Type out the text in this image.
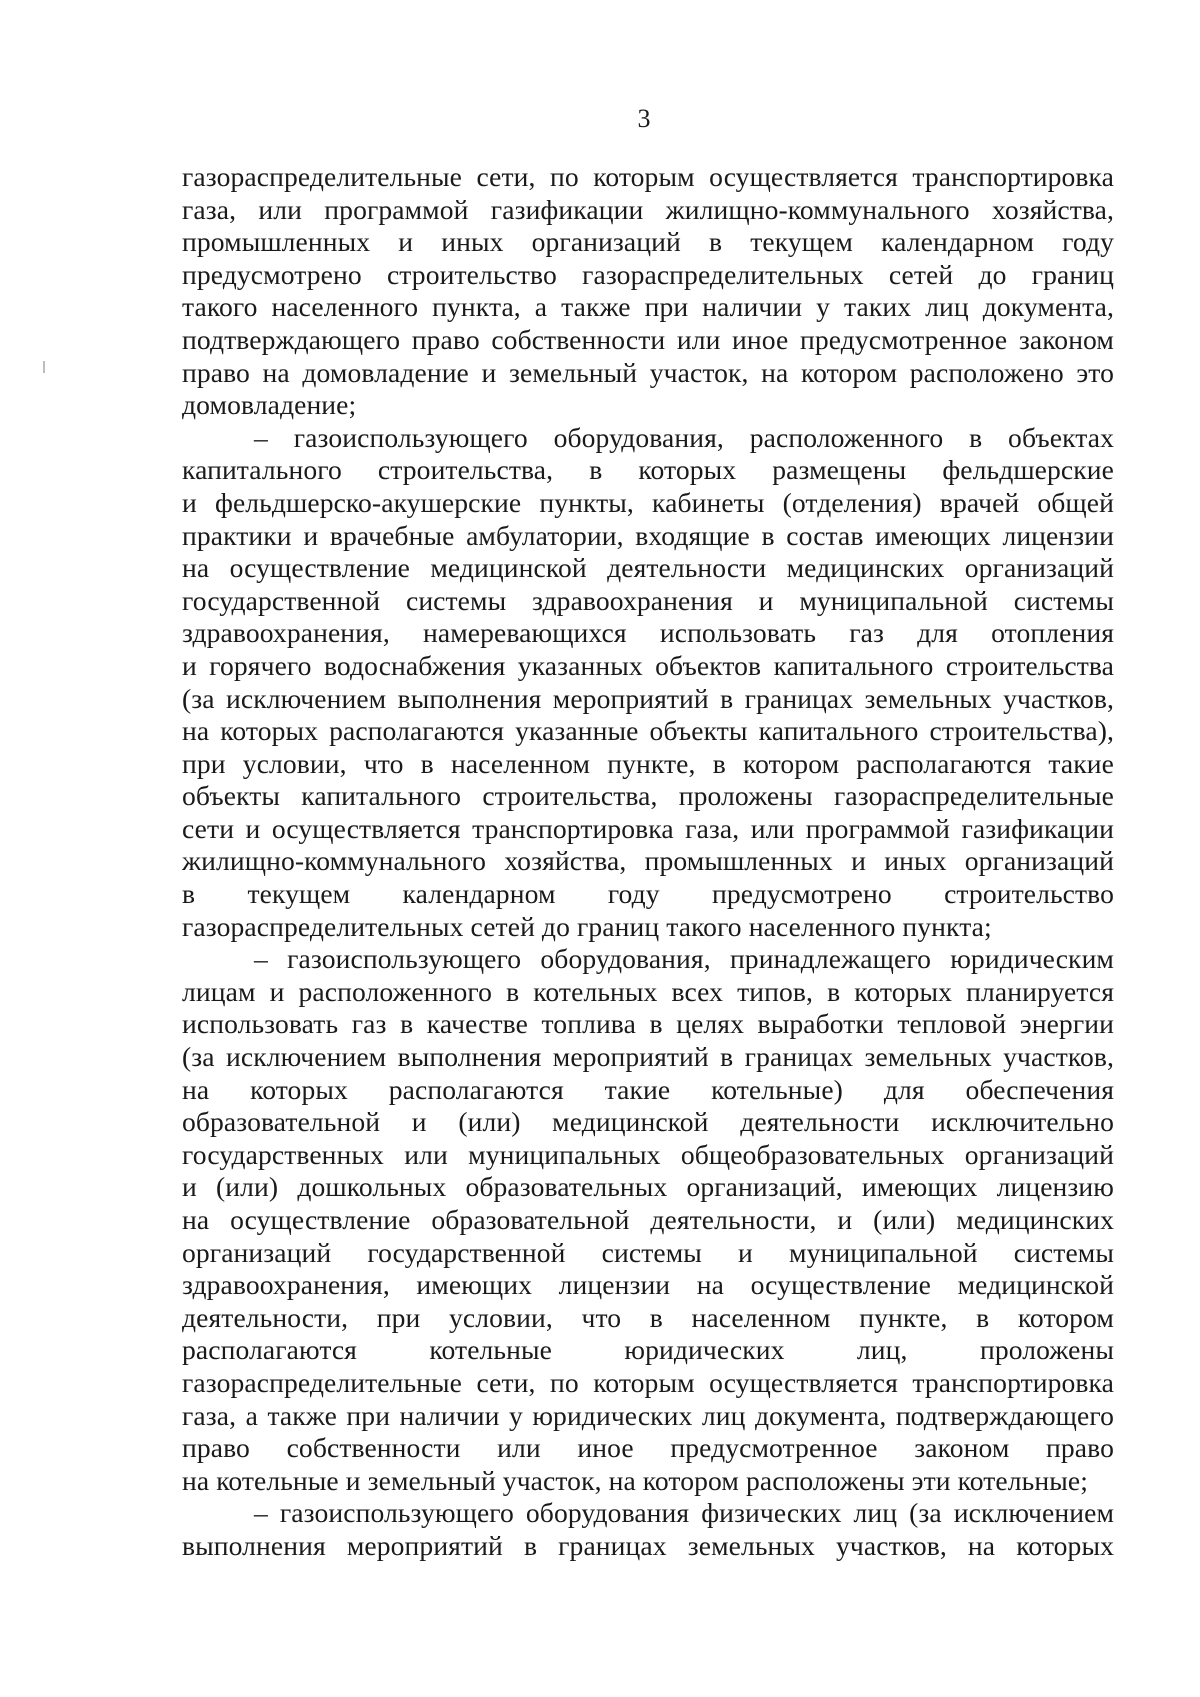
3
газораспределительные сети, по которым осуществляется транспортировка
газа, или программой газификации жилищно-коммунального хозяйства,
промышленных и иных организаций в текущем календарном году
предусмотрено строительство газораспределительных сетей до границ
такого населенного пункта, а также при наличии у таких лиц документа,
подтверждающего право собственности или иное предусмотренное законом
право на домовладение и земельный участок, на котором расположено это
домовладение;
– газоиспользующего оборудования, расположенного в объектах
капитального строительства, в которых размещены фельдшерские
и фельдшерско-акушерские пункты, кабинеты (отделения) врачей общей
практики и врачебные амбулатории, входящие в состав имеющих лицензии
на осуществление медицинской деятельности медицинских организаций
государственной системы здравоохранения и муниципальной системы
здравоохранения, намеревающихся использовать газ для отопления
и горячего водоснабжения указанных объектов капитального строительства
(за исключением выполнения мероприятий в границах земельных участков,
на которых располагаются указанные объекты капитального строительства),
при условии, что в населенном пункте, в котором располагаются такие
объекты капитального строительства, проложены газораспределительные
сети и осуществляется транспортировка газа, или программой газификации
жилищно-коммунального хозяйства, промышленных и иных организаций
в текущем календарном году предусмотрено строительство
газораспределительных сетей до границ такого населенного пункта;
– газоиспользующего оборудования, принадлежащего юридическим
лицам и расположенного в котельных всех типов, в которых планируется
использовать газ в качестве топлива в целях выработки тепловой энергии
(за исключением выполнения мероприятий в границах земельных участков,
на которых располагаются такие котельные) для обеспечения
образовательной и (или) медицинской деятельности исключительно
государственных или муниципальных общеобразовательных организаций
и (или) дошкольных образовательных организаций, имеющих лицензию
на осуществление образовательной деятельности, и (или) медицинских
организаций государственной системы и муниципальной системы
здравоохранения, имеющих лицензии на осуществление медицинской
деятельности, при условии, что в населенном пункте, в котором
располагаются котельные юридических лиц, проложены
газораспределительные сети, по которым осуществляется транспортировка
газа, а также при наличии у юридических лиц документа, подтверждающего
право собственности или иное предусмотренное законом право
на котельные и земельный участок, на котором расположены эти котельные;
– газоиспользующего оборудования физических лиц (за исключением
выполнения мероприятий в границах земельных участков, на которых
